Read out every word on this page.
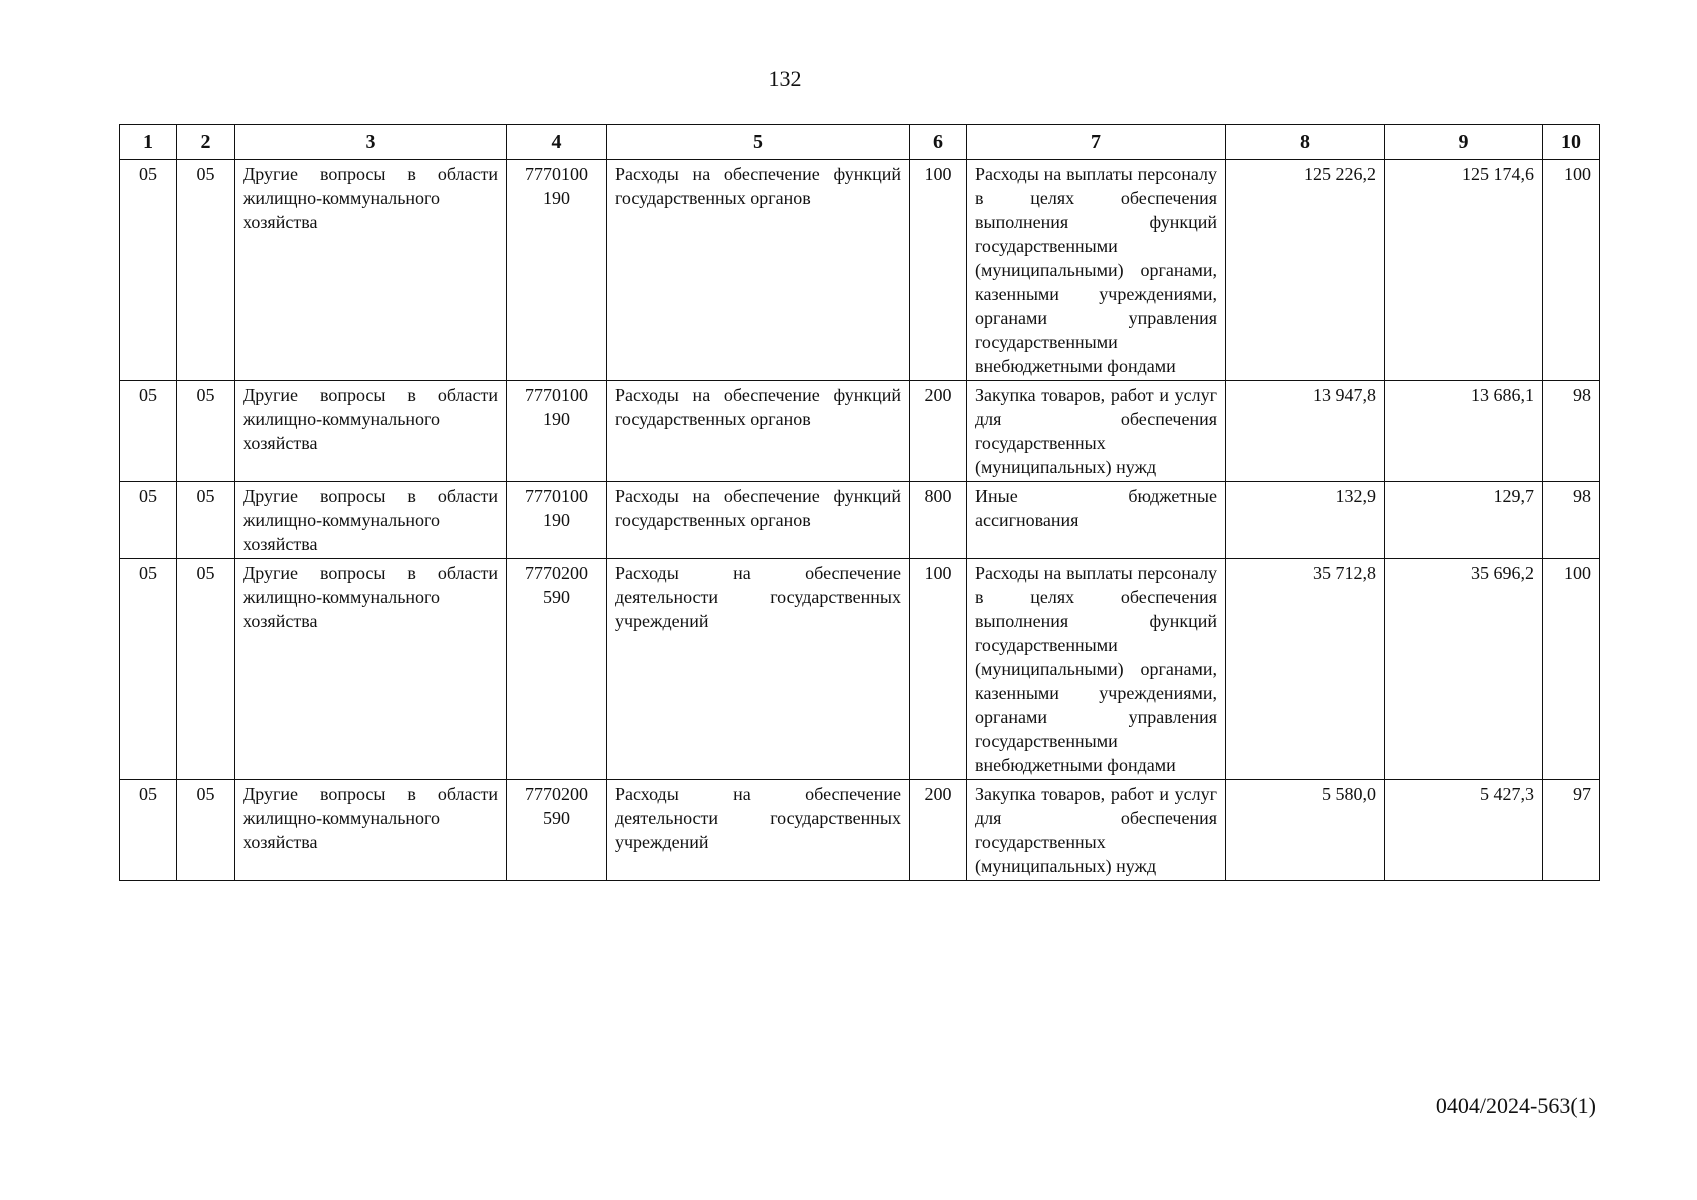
132
1	2	3	4	5	6	7	8	9	10
05	05	Другие вопросы в области жилищно-коммунального хозяйства	7770100 190	Расходы на обеспечение функций государственных органов	100	Расходы на выплаты персоналу в целях обеспечения выполнения функций государственными (муниципальными) органами, казенными учреждениями, органами управления государственными внебюджетными фондами	125 226,2	125 174,6	100
05	05	Другие вопросы в области жилищно-коммунального хозяйства	7770100 190	Расходы на обеспечение функций государственных органов	200	Закупка товаров, работ и услуг для обеспечения государственных (муниципальных) нужд	13 947,8	13 686,1	98
05	05	Другие вопросы в области жилищно-коммунального хозяйства	7770100 190	Расходы на обеспечение функций государственных органов	800	Иные бюджетные ассигнования	132,9	129,7	98
05	05	Другие вопросы в области жилищно-коммунального хозяйства	7770200 590	Расходы на обеспечение деятельности государственных учреждений	100	Расходы на выплаты персоналу в целях обеспечения выполнения функций государственными (муниципальными) органами, казенными учреждениями, органами управления государственными внебюджетными фондами	35 712,8	35 696,2	100
05	05	Другие вопросы в области жилищно-коммунального хозяйства	7770200 590	Расходы на обеспечение деятельности государственных учреждений	200	Закупка товаров, работ и услуг для обеспечения государственных (муниципальных) нужд	5 580,0	5 427,3	97
0404/2024-563(1)
